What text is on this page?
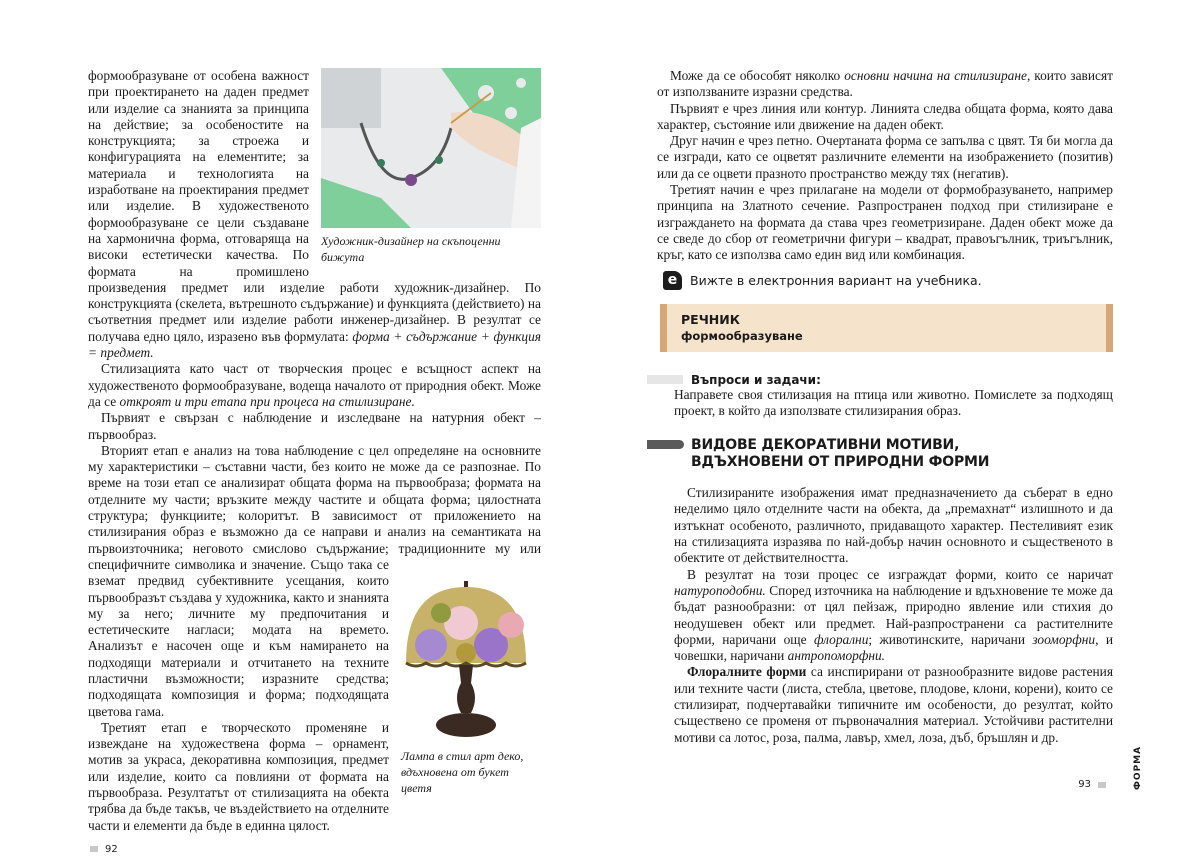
Художник-дизайнер на скъпоценни бижута

формообразуване от особена важност при проектирането на даден предмет или изделие са знанията за принципа на действие; за особеностите на конструкцията; за строежа и конфигурацията на елементите; за материала и технологията на изработване на проектирания предмет или изделие. В художественото формообразуване се цели създаване на хармонична форма, отговаряща на високи естетически качества. По формата на промишлено произведения предмет или изделие работи художник-дизайнер. По конструкцията (скелета, вътрешното съдържание) и функцията (действието) на съответния предмет или изделие работи инженер-дизайнер. В резултат се получава едно цяло, изразено във формулата: форма + съдържание + функция = предмет.

Стилизацията като част от творческия процес е всъщност аспект на художественото формообразуване, водеща началото от природния обект. Може да се откроят и три етапа при процеса на стилизиране.

Първият е свързан с наблюдение и изследване на натурния обект – първообраз.

Лампа в стил арт деко, вдъхновена от букет цветя

Вторият етап е анализ на това наблюдение с цел определяне на основните му характеристики – съставни части, без които не може да се разпознае. По време на този етап се анализират общата форма на първообраза; формата на отделните му части; връзките между частите и общата форма; цялостната структура; функциите; колоритът. В зависимост от приложението на стилизирания образ е възможно да се направи и анализ на семантиката на първоизточника; неговото смислово съдържание; традиционните му или специфичните символика и значение. Също така се вземат предвид субективните усещания, които първообразът създава у художника, както и знанията му за него; личните му предпочитания и естетическите нагласи; модата на времето. Анализът е насочен още и към намирането на подходящи материали и отчитането на техните пластични възможности; изразните средства; подходящата композиция и форма; подходящата цветова гама.

Третият етап е творческото променяне и извеждане на художествена форма – орнамент, мотив за украса, декоративна композиция, предмет или изделие, които са повлияни от формата на първообраза. Резултатът от стилизацията на обекта трябва да бъде такъв, че въздействието на отделните части и елементи да бъде в единна цялост.

92

Може да се обособят няколко основни начина на стилизиране, които зависят от използваните изразни средства.

Първият е чрез линия или контур. Линията следва общата форма, която дава характер, състояние или движение на даден обект.

Друг начин е чрез петно. Очертаната форма се запълва с цвят. Тя би могла да се изгради, като се оцветят различните елементи на изображението (позитив) или да се оцвети празното пространство между тях (негатив).

Третият начин е чрез прилагане на модели от формобразуването, например принципа на Златното сечение. Разпространен подход при стилизиране е изграждането на формата да става чрез геометризиране. Даден обект може да се сведе до сбор от геометрични фигури – квадрат, правоъгълник, триъгълник, кръг, като се използва само един вид или комбинация.

e	Вижте в електронния вариант на учебника.
РЕЧНИК
формообразуване
Въпроси и задачи:
Направете своя стилизация на птица или животно. Помислете за подходящ проект, в който да използвате стилизирания образ.
ВИДОВЕ ДЕКОРАТИВНИ МОТИВИ,
ВДЪХНОВЕНИ ОТ ПРИРОДНИ ФОРМИ

Стилизираните изображения имат предназначението да съберат в едно неделимо цяло отделните части на обекта, да „премахнат“ излишното и да изтъкнат особеното, различното, придаващото характер. Пестеливият език на стилизацията изразява по най-добър начин основното и същественото в обектите от действителността.

В резултат на този процес се изграждат форми, които се наричат натуроподобни. Според източника на наблюдение и вдъхновение те може да бъдат разнообразни: от цял пейзаж, природно явление или стихия до неодушевен обект или предмет. Най-разпространени са растителните форми, наричани още флорални; животинските, наричани зооморфни, и човешки, наричани антропоморфни.

Флоралните форми са инспирирани от разнообразните видове растения или техните части (листа, стебла, цветове, плодове, клони, корени), които се стилизират, подчертавайки типичните им особености, до резултат, който съществено се променя от първоначалния материал. Устойчиви растителни мотиви са лотос, роза, палма, лавър, хмел, лоза, дъб, бръшлян и др.

93	ФОРМА
